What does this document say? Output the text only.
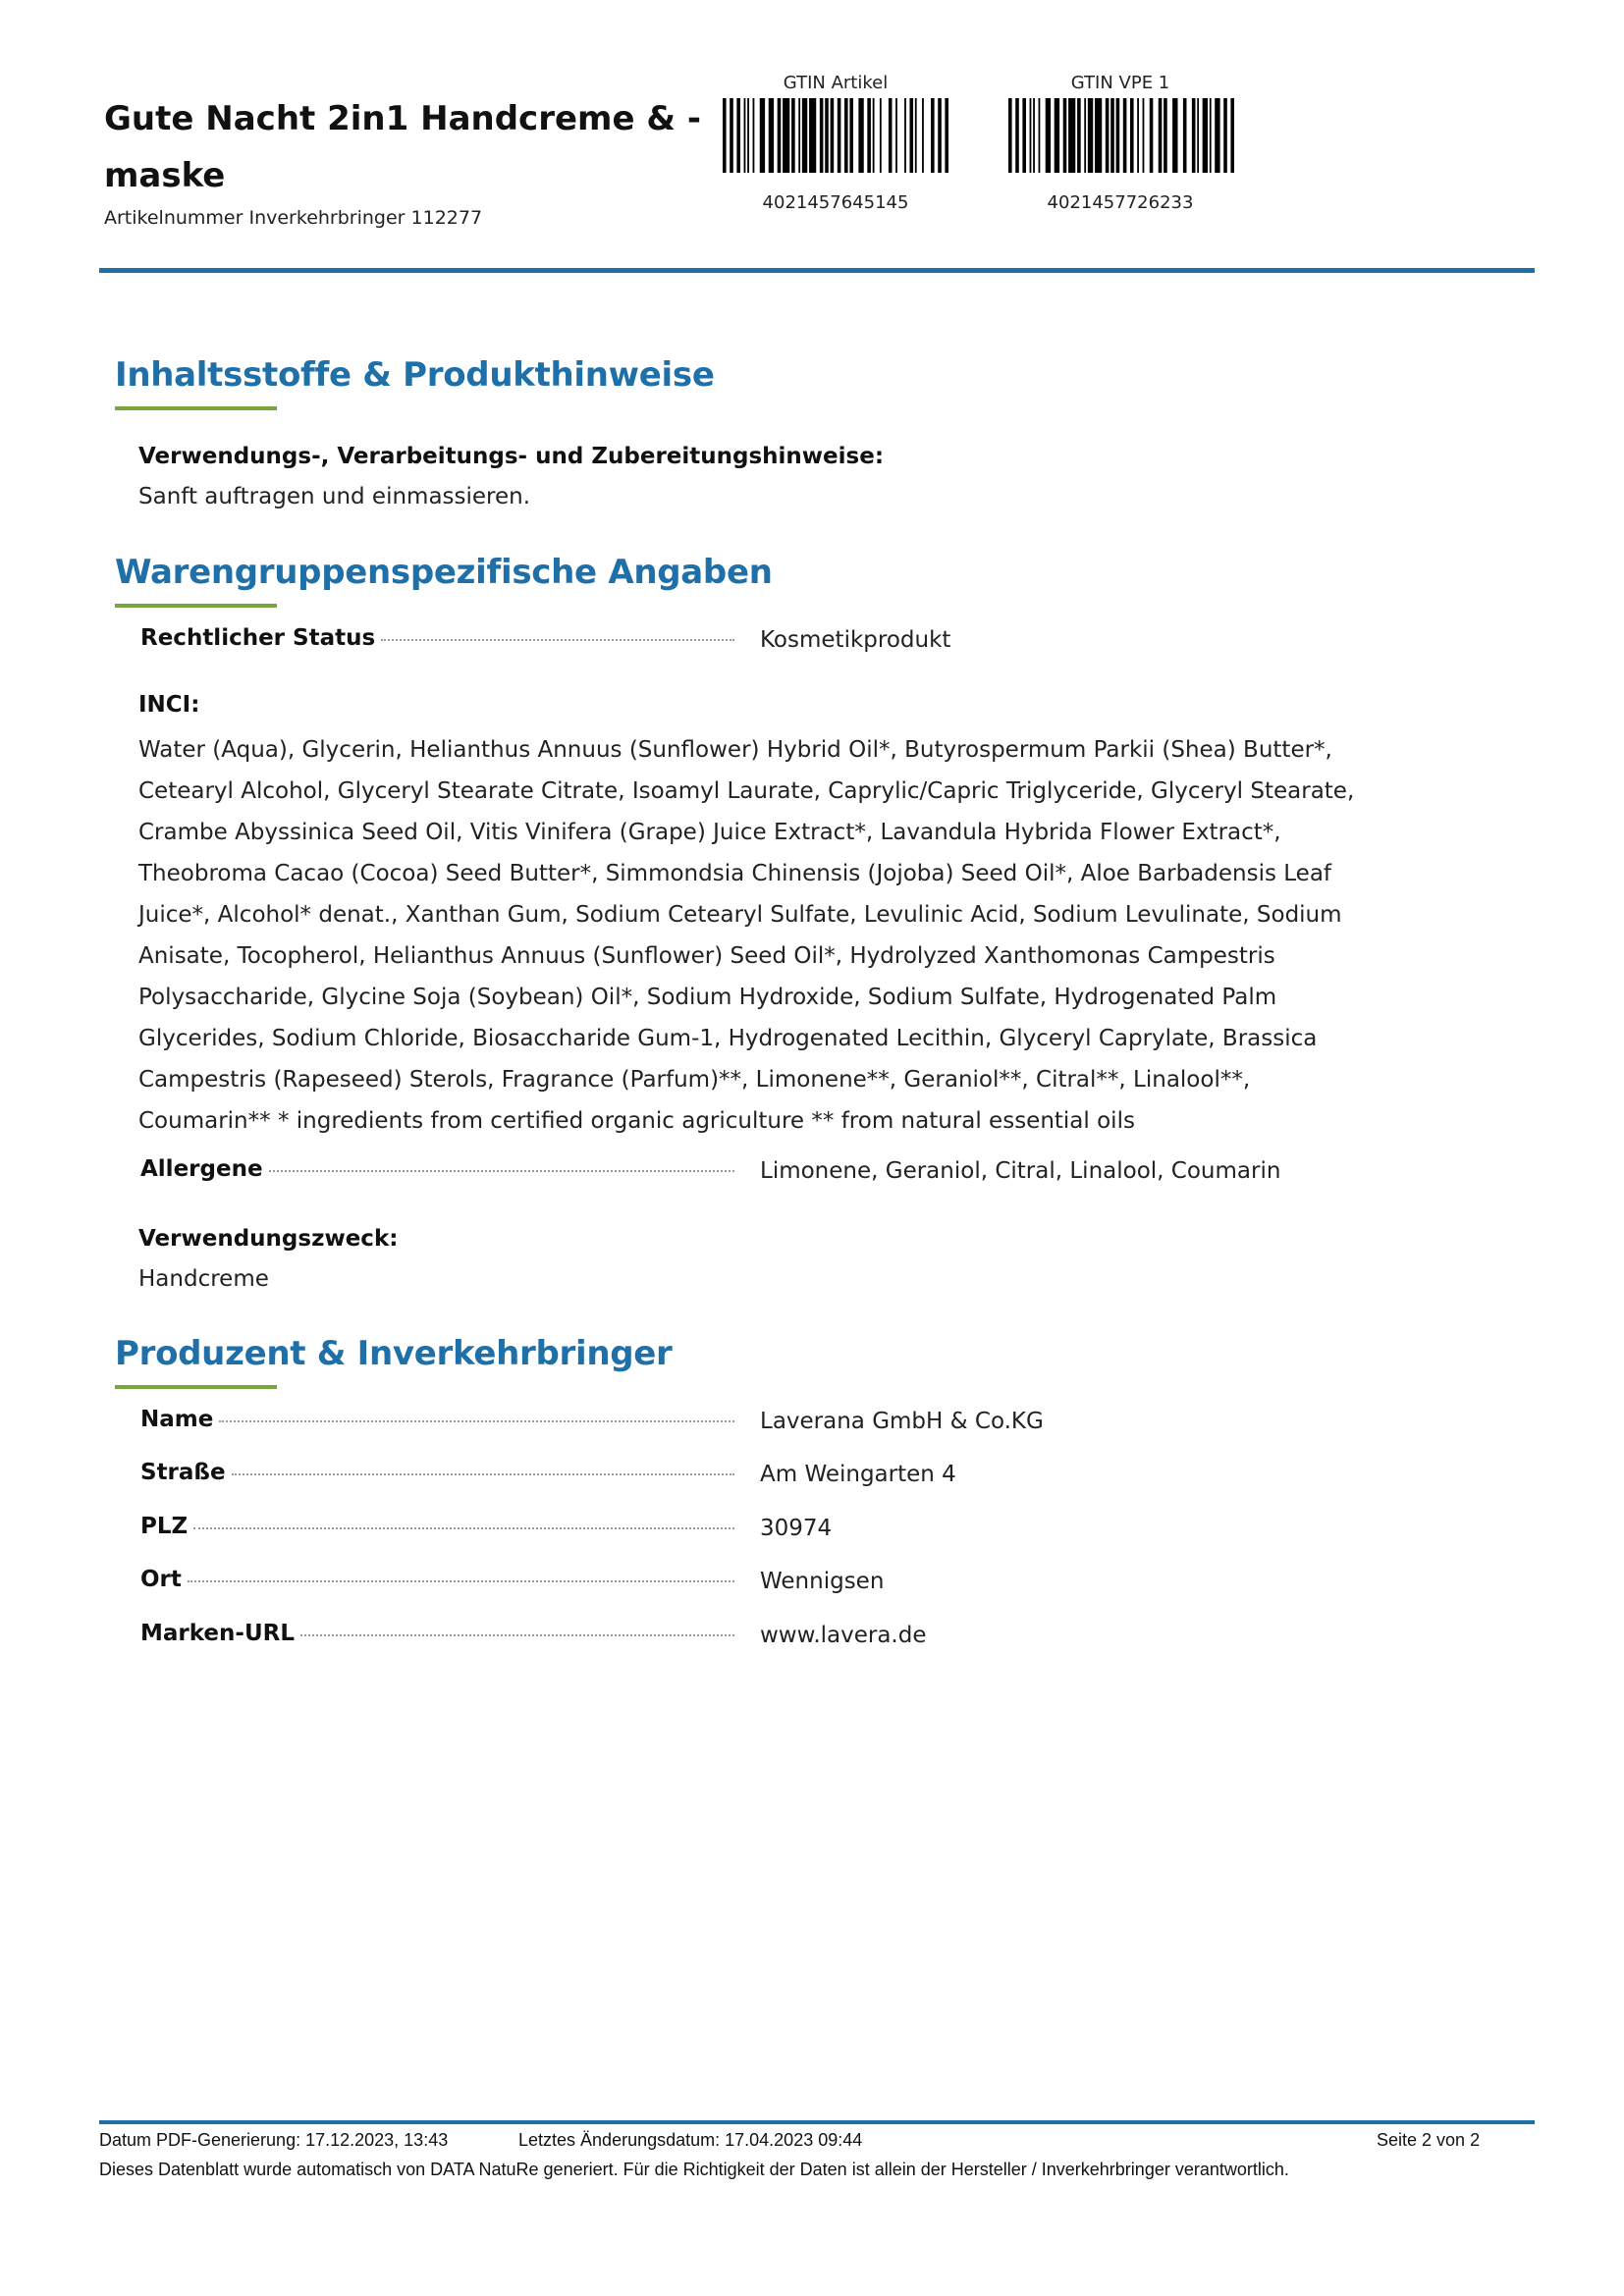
Gute Nacht 2in1 Handcreme & -
maske
Artikelnummer Inverkehrbringer 112277
GTIN Artikel
4021457645145
GTIN VPE 1
4021457726233
Inhaltsstoffe & Produkthinweise
Verwendungs-, Verarbeitungs- und Zubereitungshinweise:
Sanft auftragen und einmassieren.
Warengruppenspezifische Angaben
Rechtlicher Status	Kosmetikprodukt
INCI:
Water (Aqua), Glycerin, Helianthus Annuus (Sunflower) Hybrid Oil*, Butyrospermum Parkii (Shea) Butter*, Cetearyl Alcohol, Glyceryl Stearate Citrate, Isoamyl Laurate, Caprylic/Capric Triglyceride, Glyceryl Stearate, Crambe Abyssinica Seed Oil, Vitis Vinifera (Grape) Juice Extract*, Lavandula Hybrida Flower Extract*, Theobroma Cacao (Cocoa) Seed Butter*, Simmondsia Chinensis (Jojoba) Seed Oil*, Aloe Barbadensis Leaf Juice*, Alcohol* denat., Xanthan Gum, Sodium Cetearyl Sulfate, Levulinic Acid, Sodium Levulinate, Sodium Anisate, Tocopherol, Helianthus Annuus (Sunflower) Seed Oil*, Hydrolyzed Xanthomonas Campestris Polysaccharide, Glycine Soja (Soybean) Oil*, Sodium Hydroxide, Sodium Sulfate, Hydrogenated Palm Glycerides, Sodium Chloride, Biosaccharide Gum-1, Hydrogenated Lecithin, Glyceryl Caprylate, Brassica Campestris (Rapeseed) Sterols, Fragrance (Parfum)**, Limonene**, Geraniol**, Citral**, Linalool**, Coumarin** * ingredients from certified organic agriculture ** from natural essential oils
Allergene	Limonene, Geraniol, Citral, Linalool, Coumarin
Verwendungszweck:
Handcreme
Produzent & Inverkehrbringer
Name	Laverana GmbH & Co.KG
Straße	Am Weingarten 4
PLZ	30974
Ort	Wennigsen
Marken-URL	www.lavera.de
Datum PDF-Generierung: 17.12.2023, 13:43	Letztes Änderungsdatum: 17.04.2023 09:44	Seite 2 von 2
Dieses Datenblatt wurde automatisch von DATA NatuRe generiert. Für die Richtigkeit der Daten ist allein der Hersteller / Inverkehrbringer verantwortlich.
